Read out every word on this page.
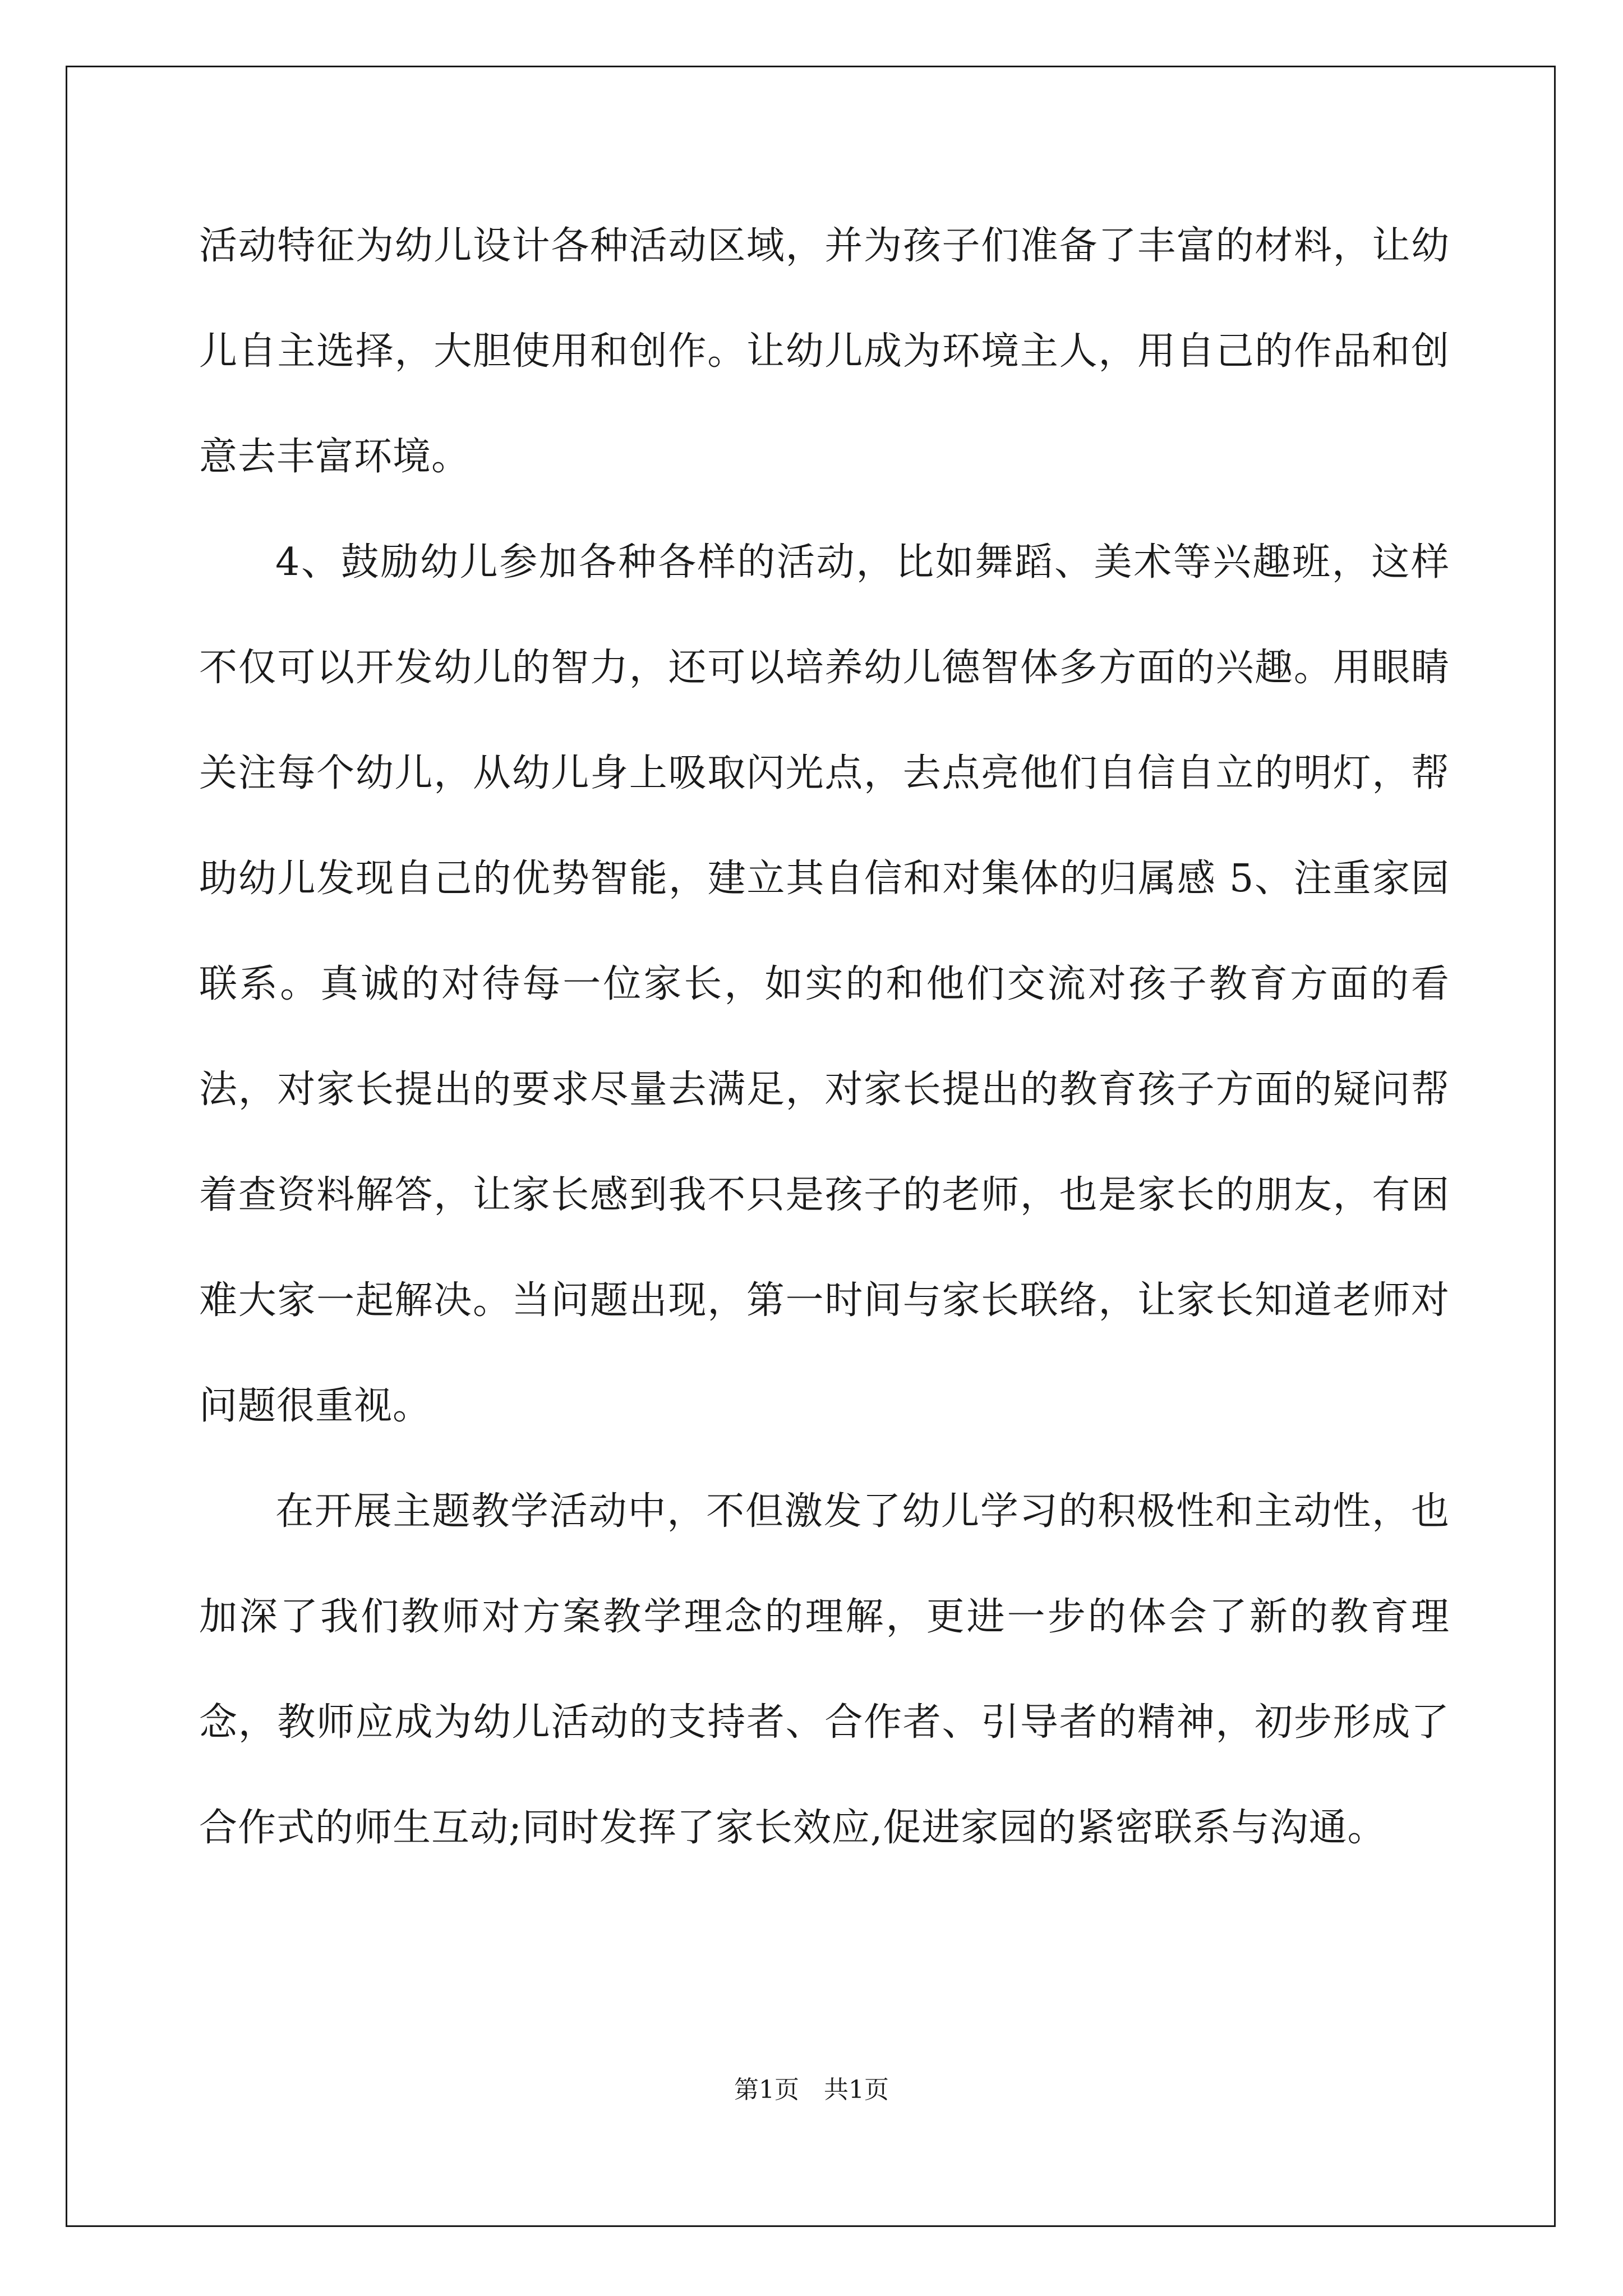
活动特征为幼儿设计各种活动区域，并为孩子们准备了丰富的材料，让幼儿自主选择，大胆使用和创作。让幼儿成为环境主人，用自己的作品和创意去丰富环境。

4、鼓励幼儿参加各种各样的活动，比如舞蹈、美术等兴趣班，这样不仅可以开发幼儿的智力，还可以培养幼儿德智体多方面的兴趣。用眼睛关注每个幼儿，从幼儿身上吸取闪光点，去点亮他们自信自立的明灯，帮助幼儿发现自己的优势智能，建立其自信和对集体的归属感 5、注重家园联系。真诚的对待每一位家长，如实的和他们交流对孩子教育方面的看法，对家长提出的要求尽量去满足，对家长提出的教育孩子方面的疑问帮着查资料解答，让家长感到我不只是孩子的老师，也是家长的朋友，有困难大家一起解决。当问题出现，第一时间与家长联络，让家长知道老师对问题很重视。

在开展主题教学活动中，不但激发了幼儿学习的积极性和主动性，也加深了我们教师对方案教学理念的理解，更进一步的体会了新的教育理念，教师应成为幼儿活动的支持者、合作者、引导者的精神，初步形成了合作式的师生互动;同时发挥了家长效应,促进家园的紧密联系与沟通。

第1页　共1页
